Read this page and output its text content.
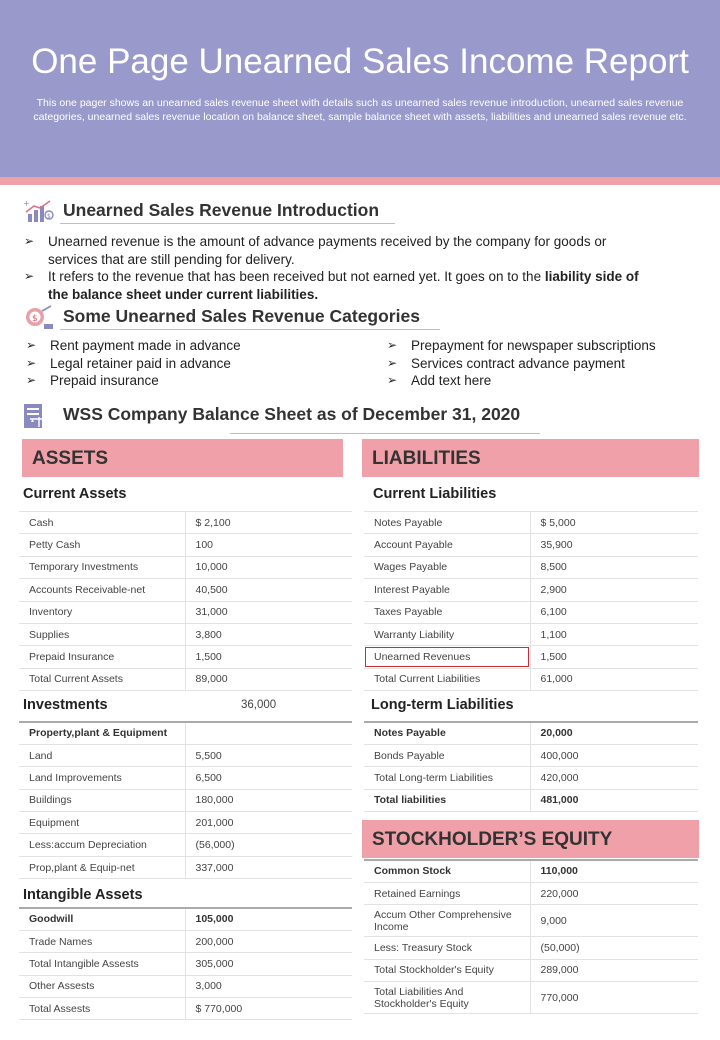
One Page Unearned Sales Income Report
This one pager shows an unearned sales revenue sheet with details such as unearned sales revenue introduction, unearned sales revenue categories, unearned sales revenue location on balance sheet, sample balance sheet with assets, liabilities and unearned sales revenue etc.
$
+ Unearned Sales Revenue Introduction
➢ Unearned revenue is the amount of advance payments received by the company for goods or services that are still pending for delivery.
➢ It refers to the revenue that has been received but not earned yet. It goes on to the liability side of the balance sheet under current liabilities.
$ Some Unearned Sales Revenue Categories
➢ Rent payment made in advance
➢ Legal retainer paid in advance
➢ Prepaid insurance
➢ Prepayment for newspaper subscriptions
➢ Services contract advance payment
➢ Add text here
WSS Company Balance Sheet as of December 31, 2020
ASSETS
Current Assets
Cash	$ 2,100
Petty Cash	100
Temporary Investments	10,000
Accounts Receivable-net	40,500
Inventory	31,000
Supplies	3,800
Prepaid Insurance	1,500
Total Current Assets	89,000
Investments	36,000
Property,plant & Equipment	
Land	5,500
Land Improvements	6,500
Buildings	180,000
Equipment	201,000
Less:accum Depreciation	(56,000)
Prop,plant & Equip-net	337,000
Intangible Assets
Goodwill	105,000
Trade Names	200,000
Total Intangible Assests	305,000
Other Assests	3,000
Total Assests	$ 770,000
LIABILITIES
Current Liabilities
Notes Payable	$ 5,000
Account Payable	35,900
Wages Payable	8,500
Interest Payable	2,900
Taxes Payable	6,100
Warranty Liability	1,100
Unearned Revenues	1,500
Total Current Liabilities	61,000
Long-term Liabilities
Notes Payable	20,000
Bonds Payable	400,000
Total Long-term Liabilities	420,000
Total liabilities	481,000
STOCKHOLDER’S EQUITY
Common Stock	110,000
Retained Earnings	220,000
Accum Other Comprehensive Income	9,000
Less: Treasury Stock	(50,000)
Total Stockholder's Equity	289,000
Total Liabilities And Stockholder's Equity	770,000
